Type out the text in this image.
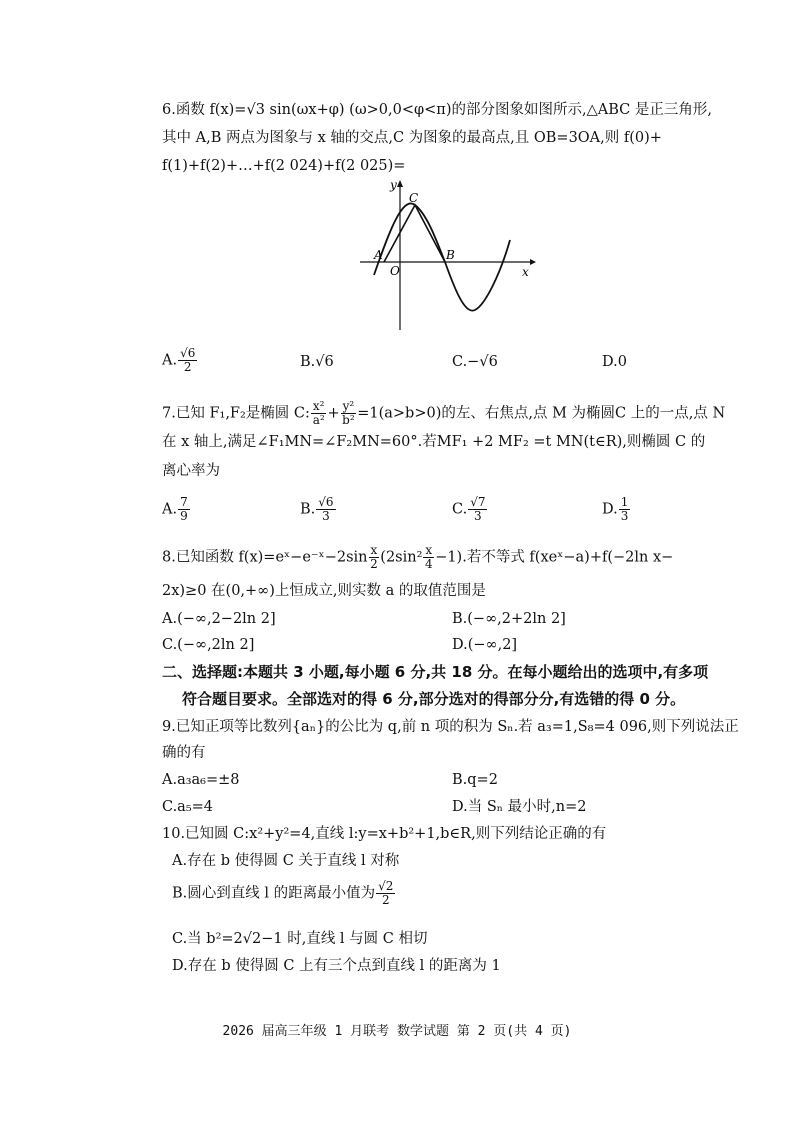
6.函数 f(x)=√3 sin(ωx+φ) (ω>0,0<φ<π)的部分图象如图所示,△ABC 是正三角形,
其中 A,B 两点为图象与 x 轴的交点,C 为图象的最高点,且 OB=3OA,则 f(0)+
f(1)+f(2)+…+f(2 024)+f(2 025)=
y
x
A
O
B
C
A. $\frac{√6}{2}$	B.√6	C.−√6	D.0
7.已知 F₁,F₂是椭圆 C: $\frac{\text{x²}}{\text{a²}} + \frac{\text{y²}}{\text{b²}} =1(a>b>0)$的左、右焦点,点 M 为椭圆C 上的一点,点 N
在 x 轴上,满足∠F₁MN=∠F₂MN=60°.若MF₁ +2 MF₂ =t MN(t∈R),则椭圆 C 的
离心率为
A. $\frac{7}{9}$	B. $\frac{√6}{3}$	C. $\frac{√7}{3}$	D. $\frac{1}{3}$
8.已知函数 f(x)=eˣ−e⁻ˣ−2sin $\frac{x}{2} (2\sin^2 \frac{x}{4} -1)$.若不等式 f(xeˣ−a)+f(−2ln x−
2x)≥0 在(0,+∞)上恒成立,则实数 a 的取值范围是
A.(−∞,2−2ln 2]	B.(−∞,2+2ln 2]
C.(−∞,2ln 2]	D.(−∞,2]
二、选择题:本题共 3 小题,每小题 6 分,共 18 分。在每小题给出的选项中,有多项
符合题目要求。全部选对的得 6 分,部分选对的得部分分,有选错的得 0 分。
9.已知正项等比数列{aₙ}的公比为 q,前 n 项的积为 Sₙ.若 a₃=1,S₈=4 096,则下列说法正
确的有
A.a₃a₆=±8	B.q=2
C.a₅=4	D.当 Sₙ 最小时,n=2
10.已知圆 C:x²+y²=4,直线 l:y=x+b²+1,b∈R,则下列结论正确的有
A.存在 b 使得圆 C 关于直线 l 对称
B.圆心到直线 l 的距离最小值为 $\frac{√2}{2}$
C.当 b²=2√2−1 时,直线 l 与圆 C 相切
D.存在 b 使得圆 C 上有三个点到直线 l 的距离为 1
2026 届高三年级 1 月联考 数学试题 第 2 页(共 4 页)
